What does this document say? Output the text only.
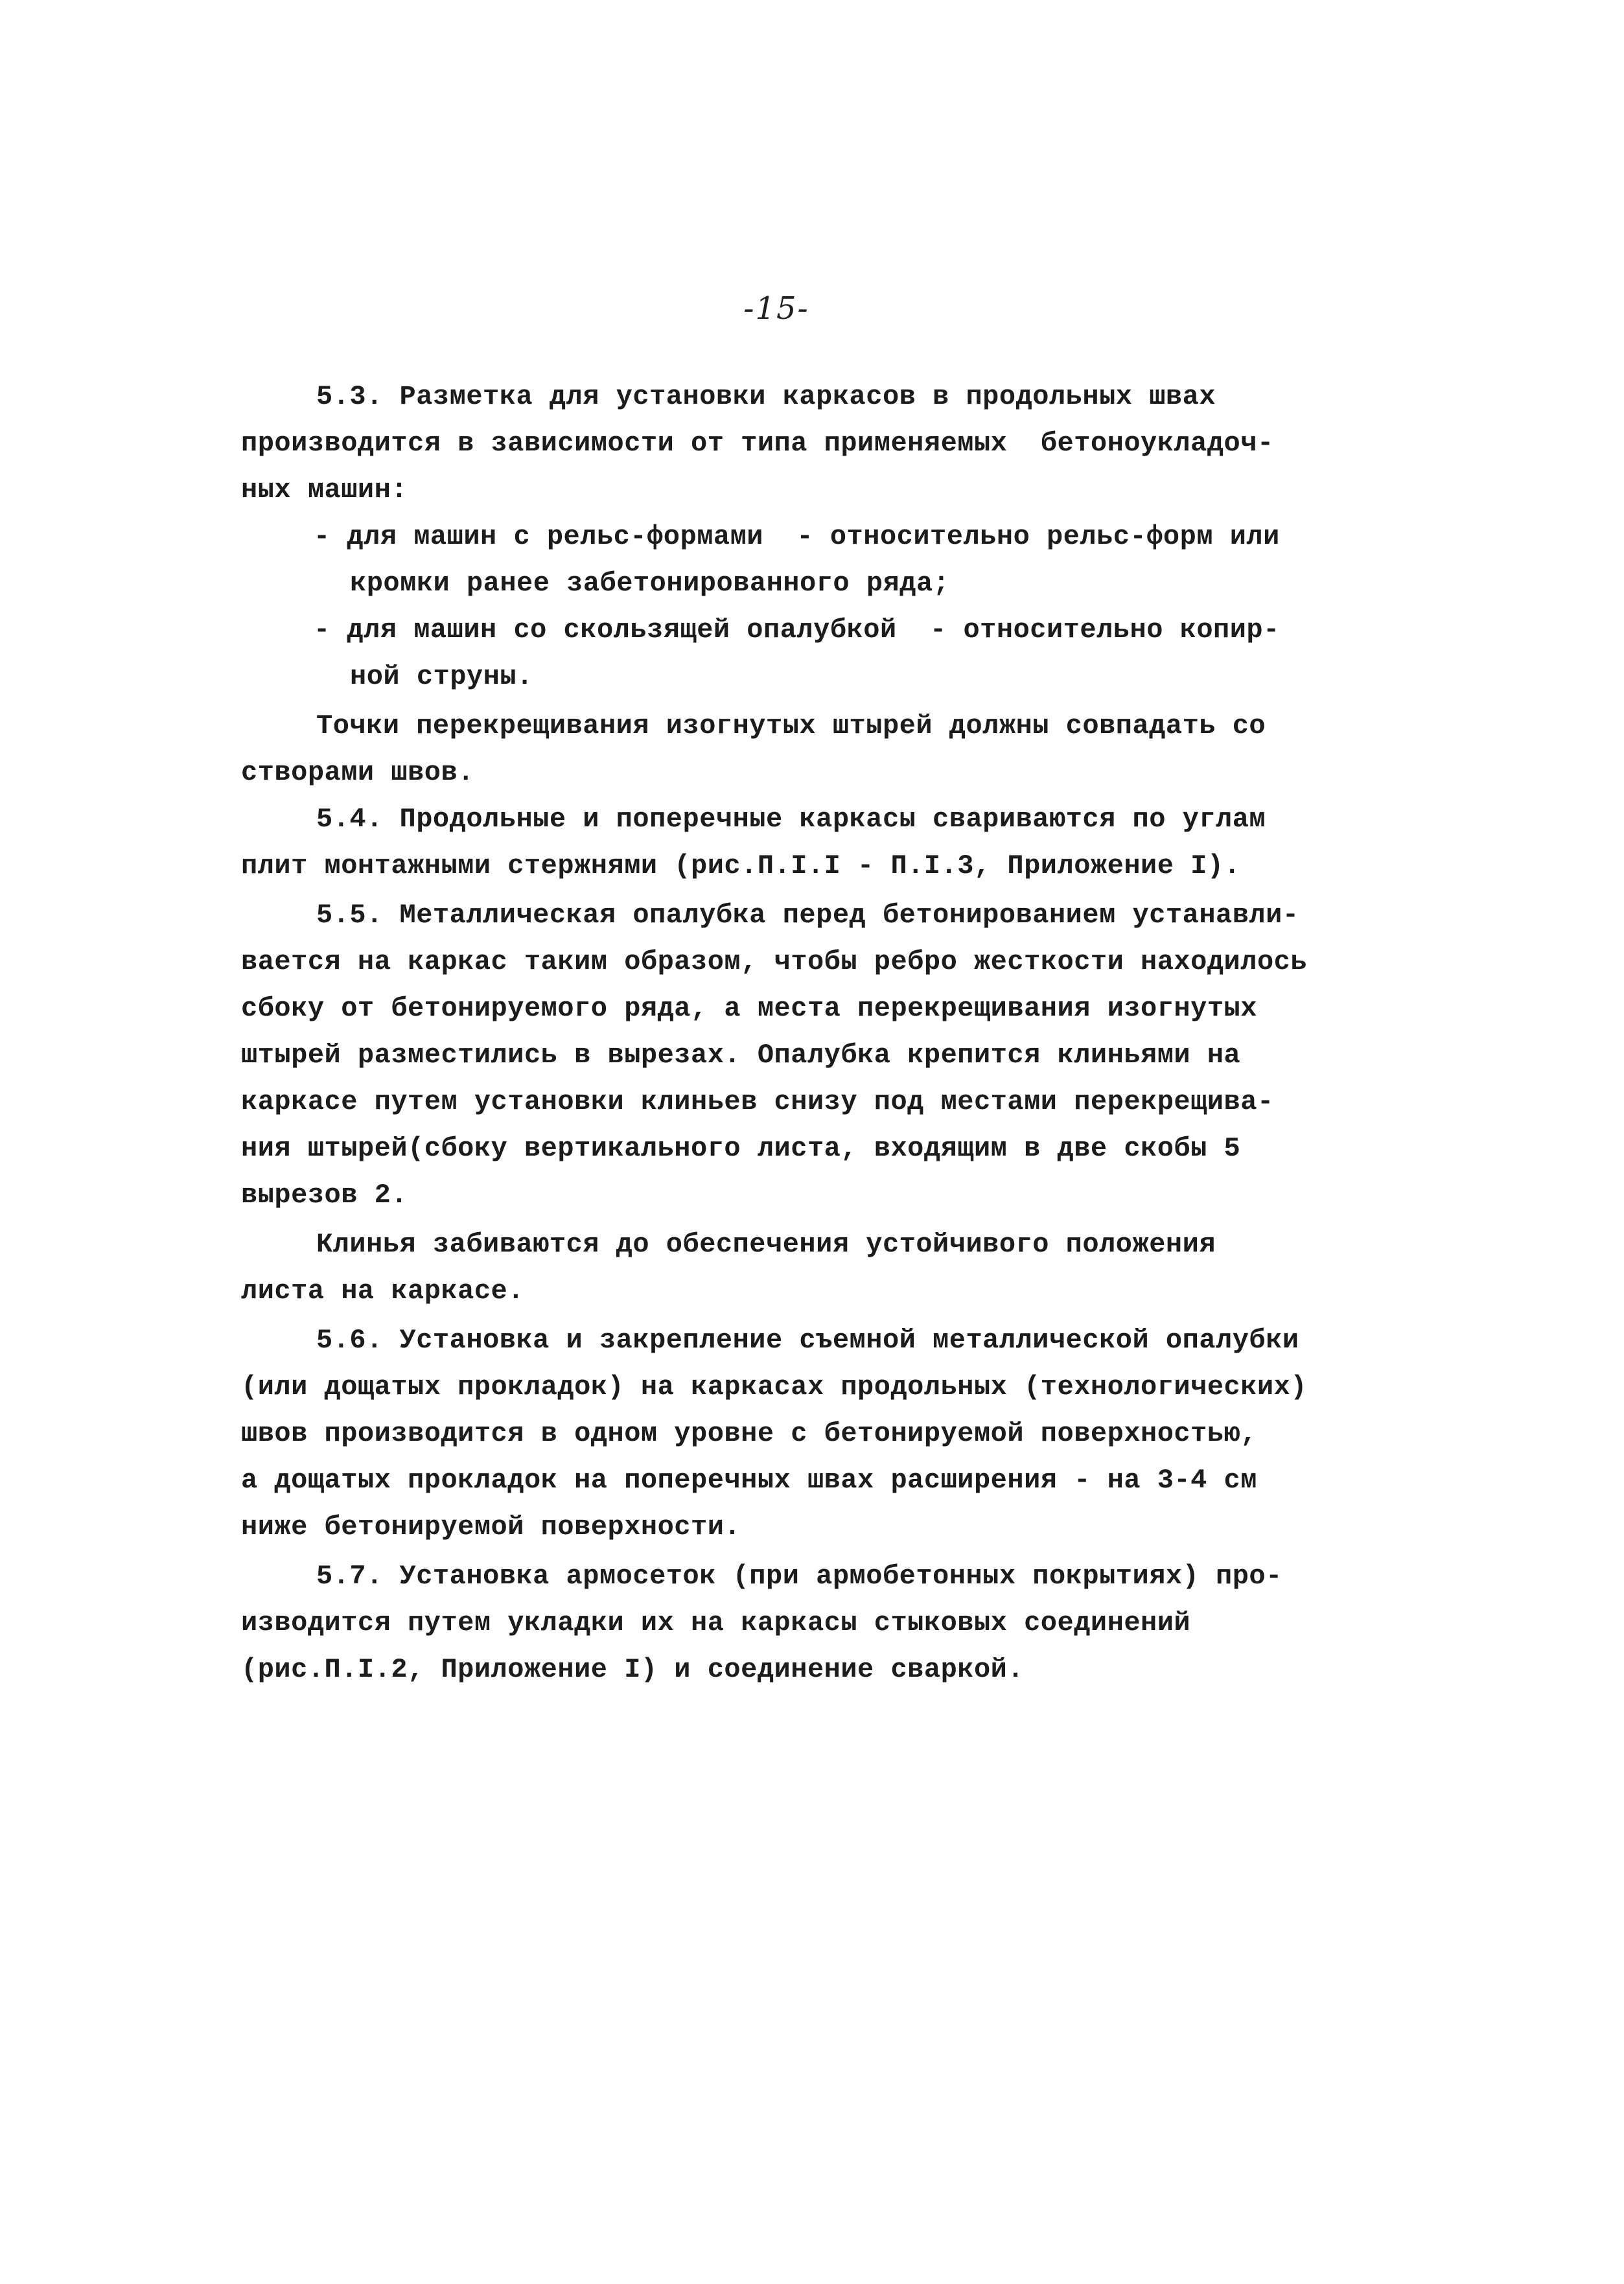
-15-
5.3. Разметка для установки каркасов в продольных швах
производится в зависимости от типа применяемых  бетоноукладоч-
ных машин:
- для машин с рельс-формами  - относительно рельс-форм или
кромки ранее забетонированного ряда;
- для машин со скользящей опалубкой  - относительно копир-
ной струны.
Точки перекрещивания изогнутых штырей должны совпадать со
створами швов.
5.4. Продольные и поперечные каркасы свариваются по углам
плит монтажными стержнями (рис.П.I.I - П.I.3, Приложение I).
5.5. Металлическая опалубка перед бетонированием устанавли-
вается на каркас таким образом, чтобы ребро жесткости находилось
сбоку от бетонируемого ряда, а места перекрещивания изогнутых
штырей разместились в вырезах. Опалубка крепится клиньями на
каркасе путем установки клиньев снизу под местами перекрещива-
ния штырей(сбоку вертикального листа, входящим в две скобы 5
вырезов 2.
Клинья забиваются до обеспечения устойчивого положения
листа на каркасе.
5.6. Установка и закрепление съемной металлической опалубки
(или дощатых прокладок) на каркасах продольных (технологических)
швов производится в одном уровне с бетонируемой поверхностью,
а дощатых прокладок на поперечных швах расширения - на 3-4 см
ниже бетонируемой поверхности.
5.7. Установка армосеток (при армобетонных покрытиях) про-
изводится путем укладки их на каркасы стыковых соединений
(рис.П.I.2, Приложение I) и соединение сваркой.
